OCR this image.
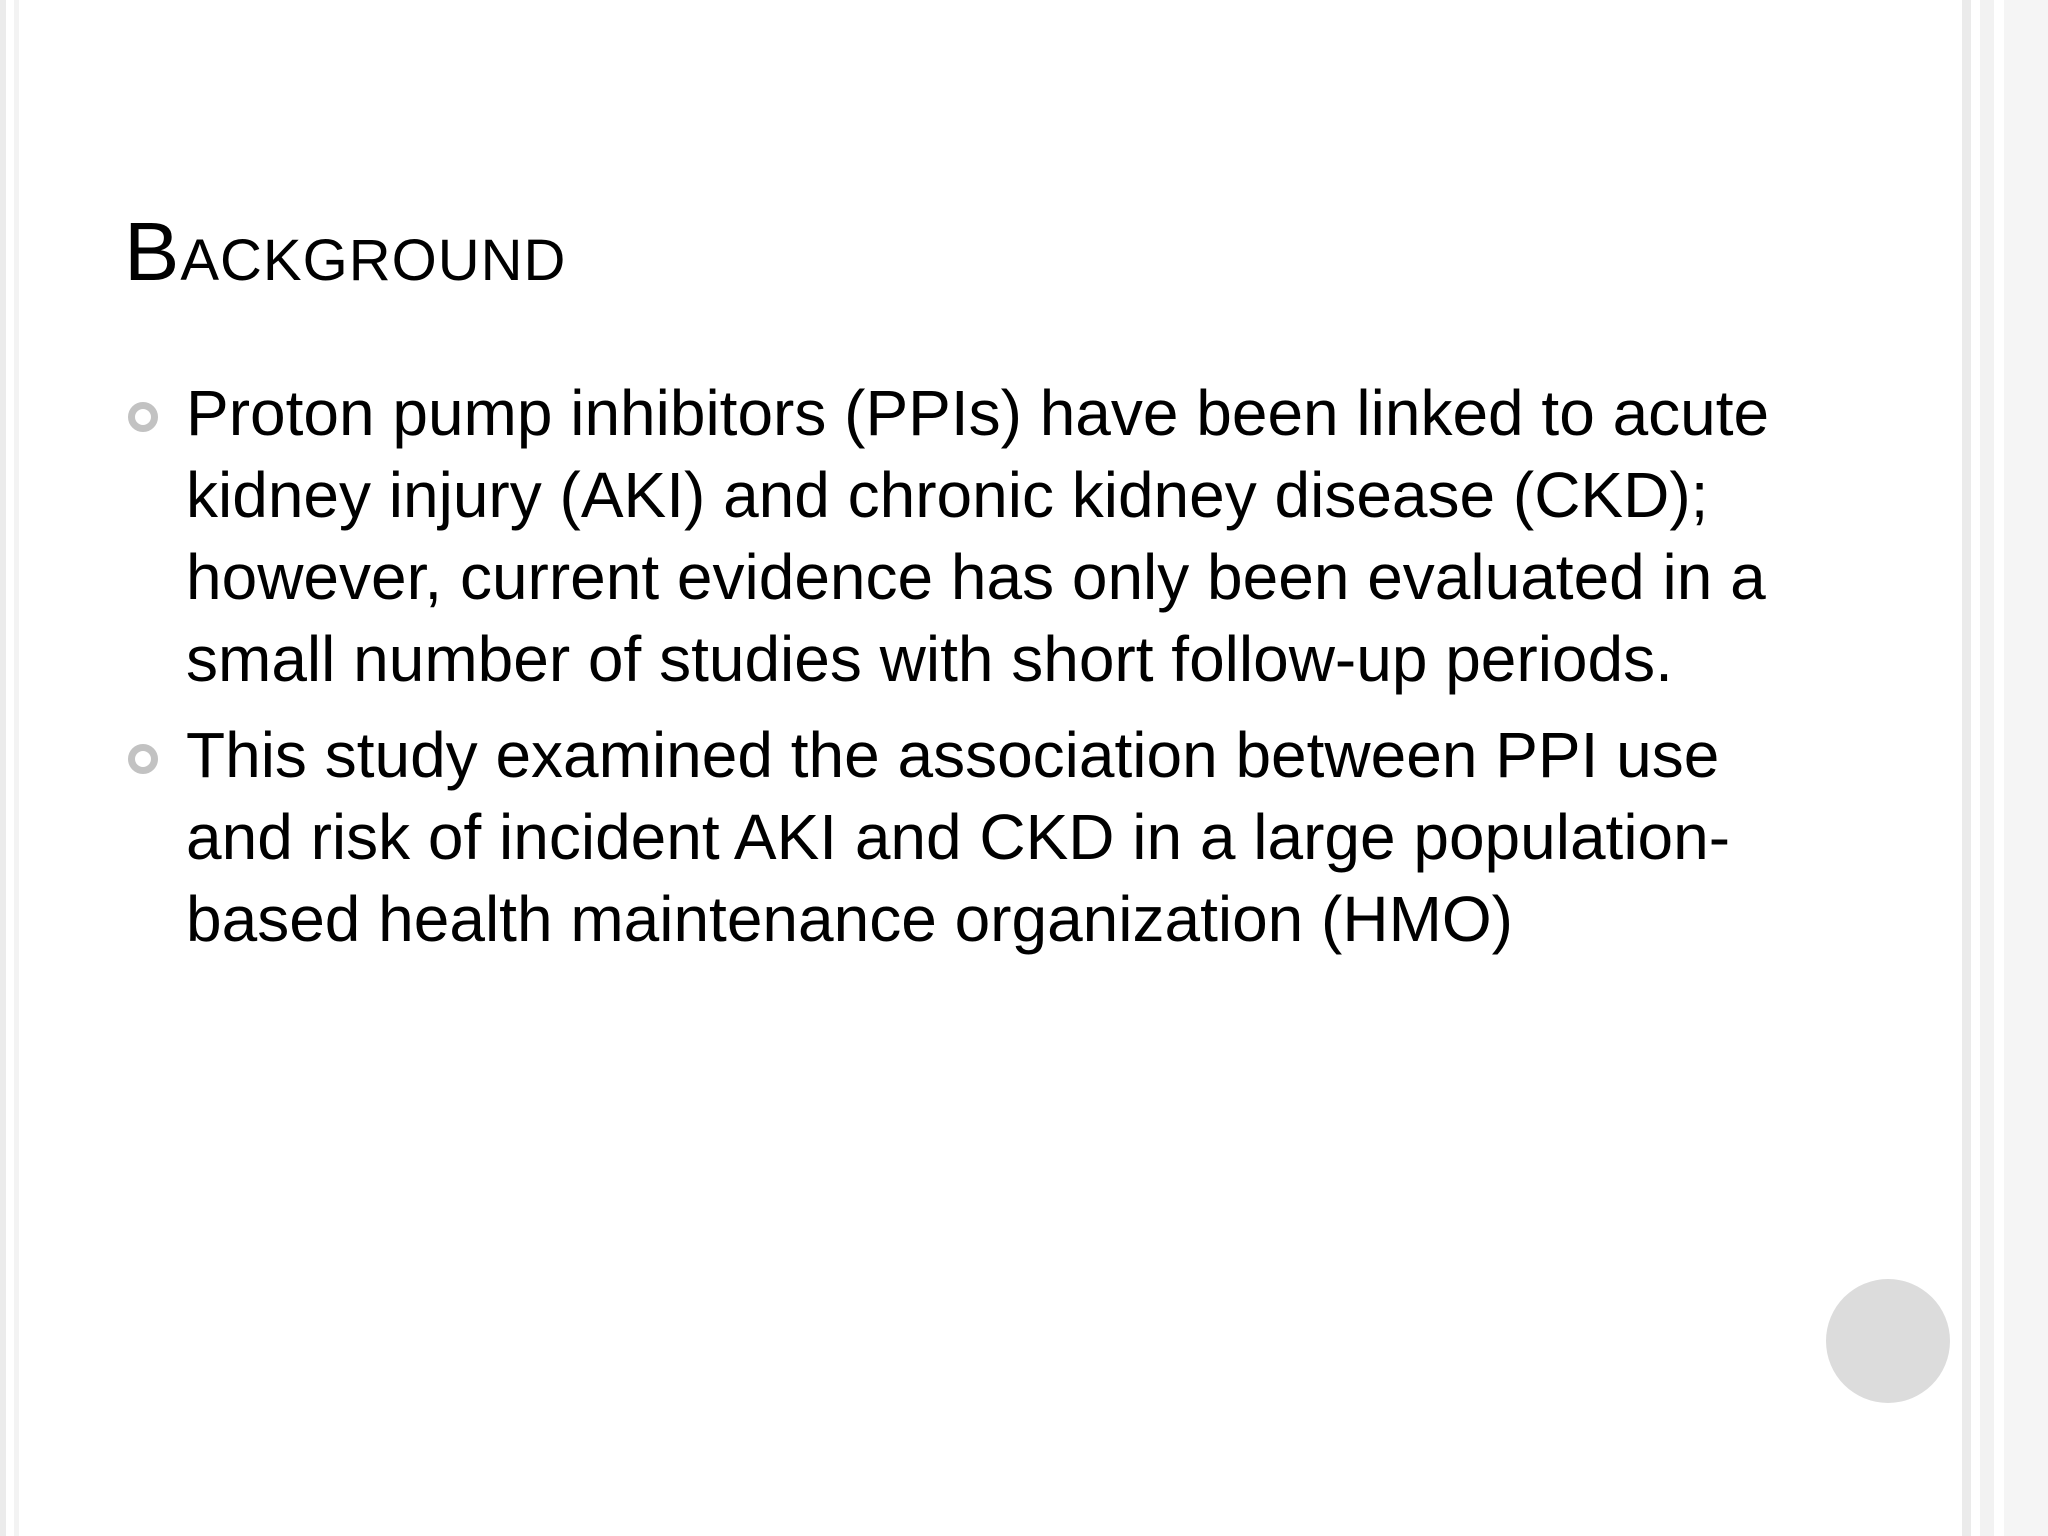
Background
Proton pump inhibitors (PPIs) have been linked to acute kidney injury (AKI) and chronic kidney disease (CKD); however, current evidence has only been evaluated in a small number of studies with short follow-up periods.
This study examined the association between PPI use and risk of incident AKI and CKD in a large population-based health maintenance organization (HMO)
